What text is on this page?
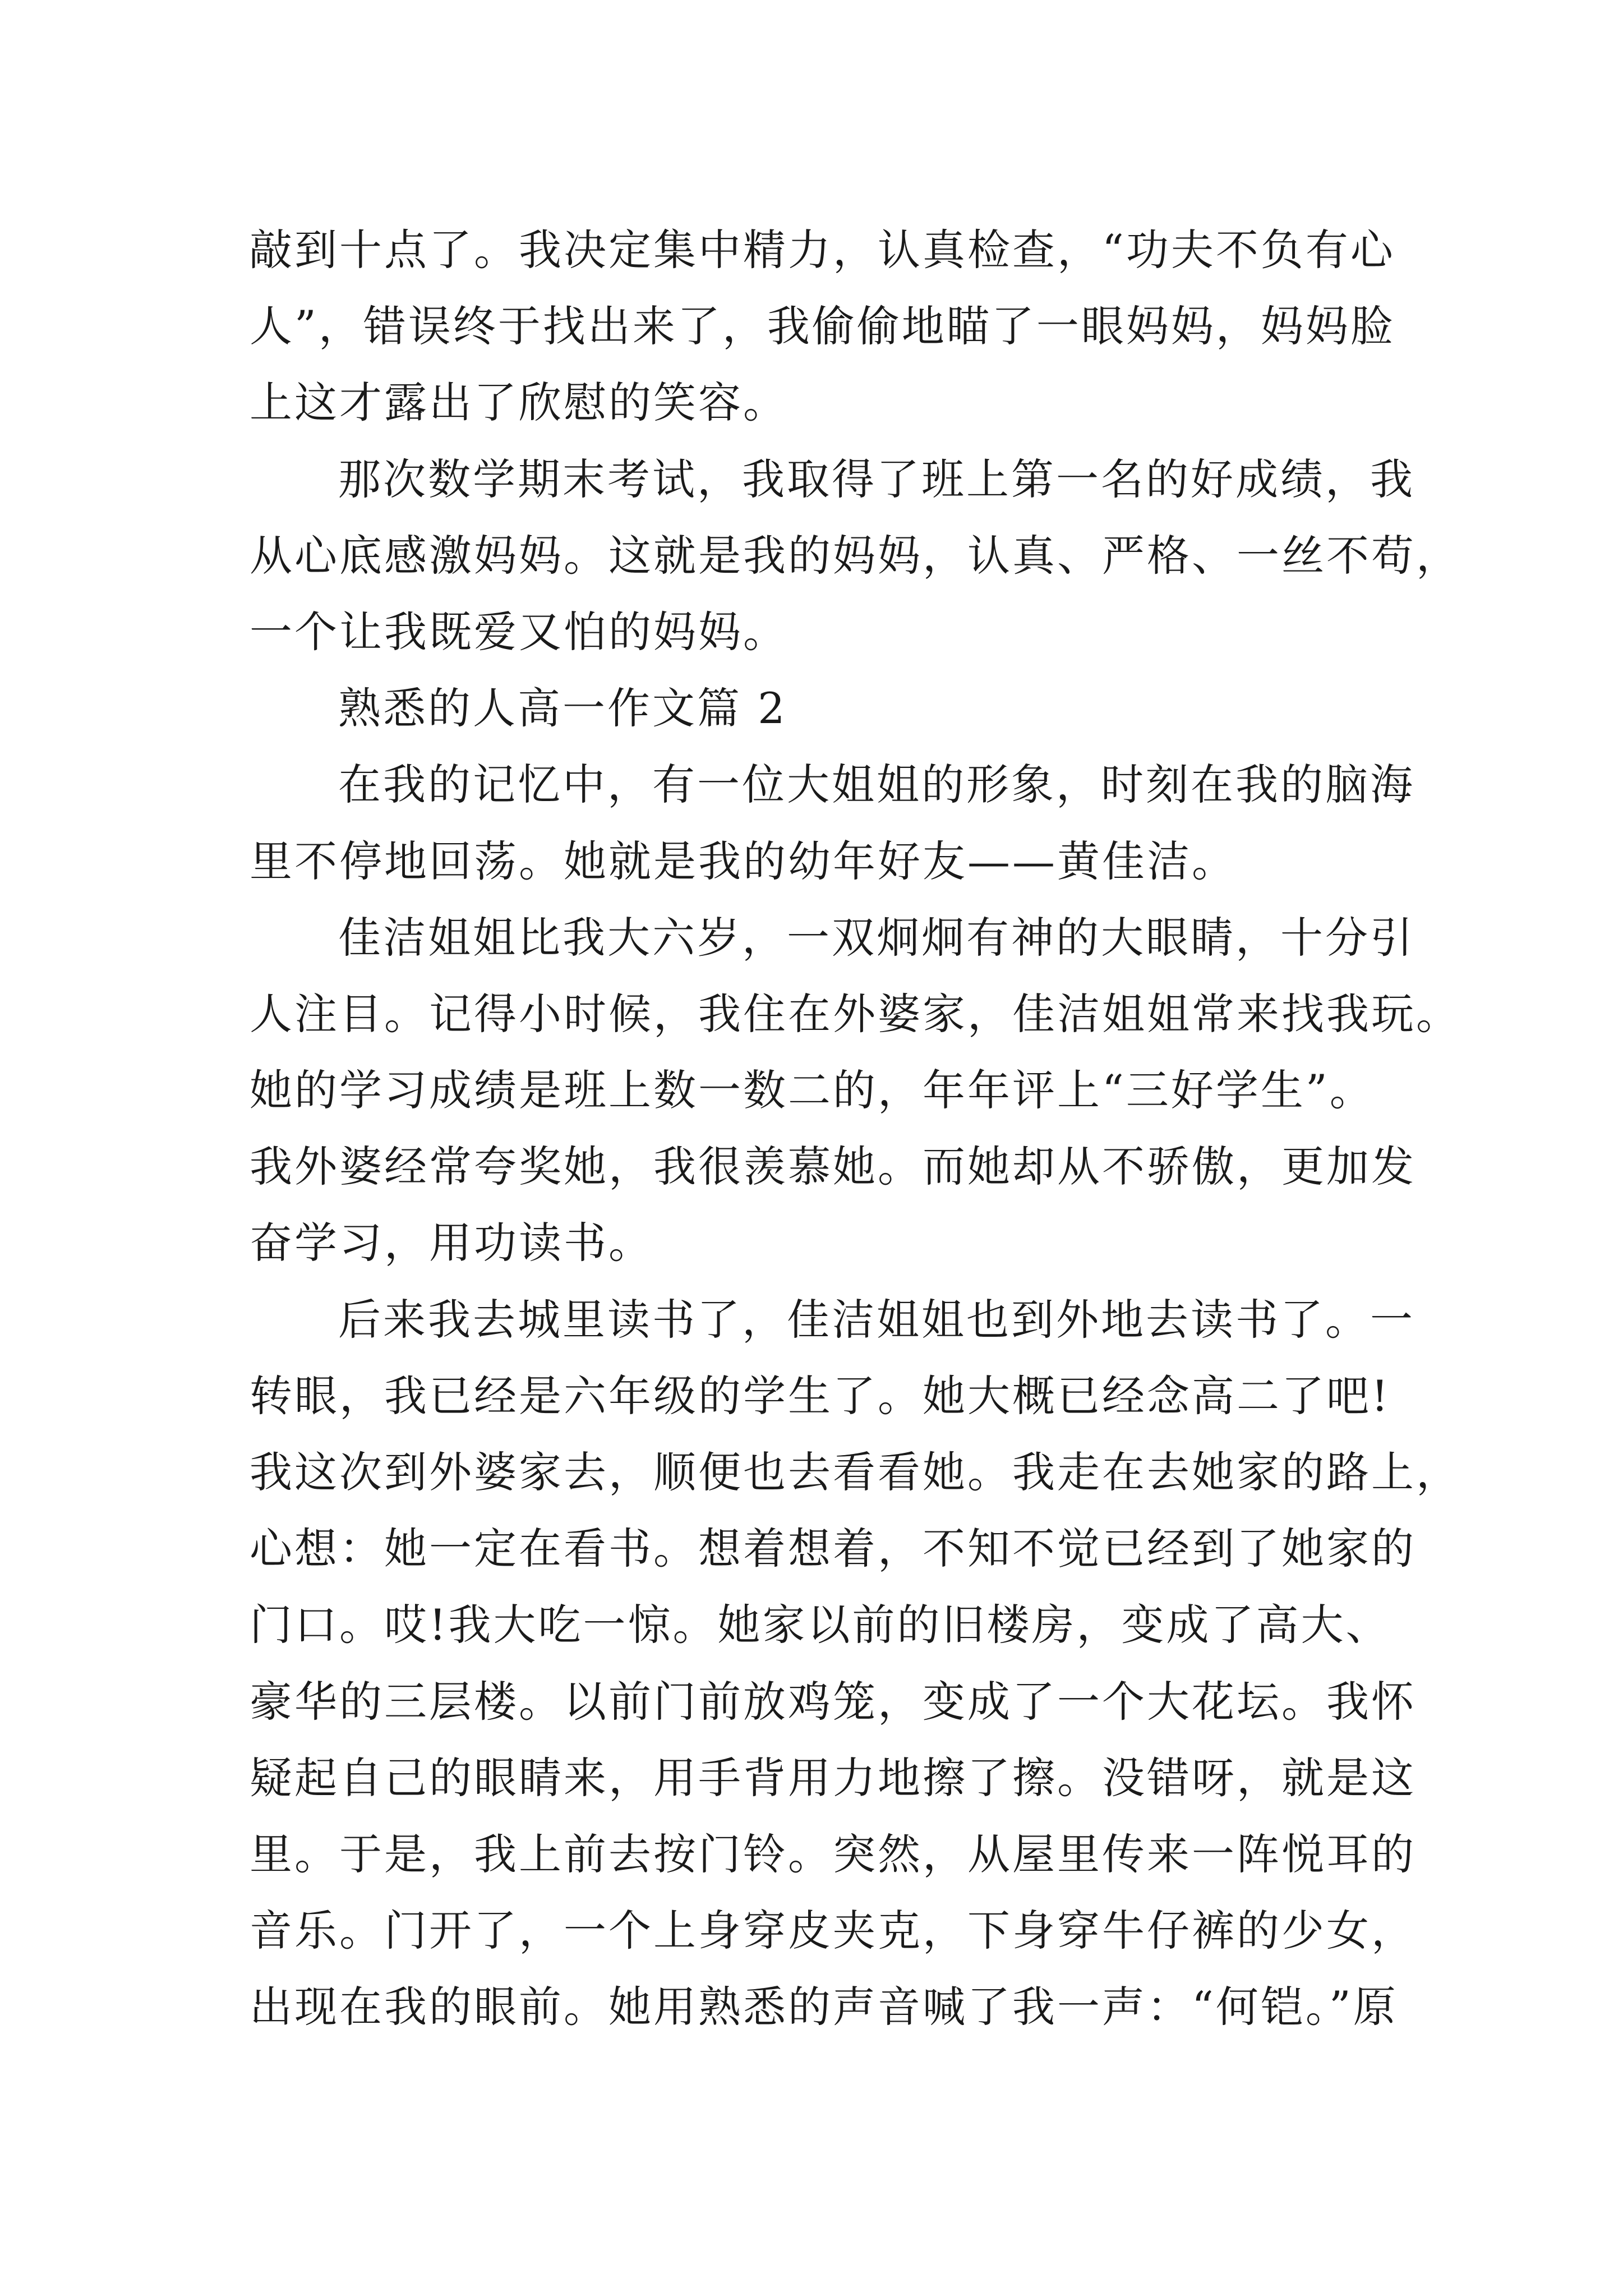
敲到十点了。我决定集中精力，认真检查，“功夫不负有心
人”，错误终于找出来了，我偷偷地瞄了一眼妈妈，妈妈脸
上这才露出了欣慰的笑容。
那次数学期末考试，我取得了班上第一名的好成绩，我
从心底感激妈妈。这就是我的妈妈，认真、严格、一丝不苟，
一个让我既爱又怕的妈妈。
熟悉的人高一作文篇 2
在我的记忆中，有一位大姐姐的形象，时刻在我的脑海
里不停地回荡。她就是我的幼年好友——黄佳洁。
佳洁姐姐比我大六岁，一双炯炯有神的大眼睛，十分引
人注目。记得小时候，我住在外婆家，佳洁姐姐常来找我玩。
她的学习成绩是班上数一数二的，年年评上“三好学生”。
我外婆经常夸奖她，我很羡慕她。而她却从不骄傲，更加发
奋学习，用功读书。
后来我去城里读书了，佳洁姐姐也到外地去读书了。一
转眼，我已经是六年级的学生了。她大概已经念高二了吧!
我这次到外婆家去，顺便也去看看她。我走在去她家的路上，
心想：她一定在看书。想着想着，不知不觉已经到了她家的
门口。哎!我大吃一惊。她家以前的旧楼房，变成了高大、
豪华的三层楼。以前门前放鸡笼，变成了一个大花坛。我怀
疑起自己的眼睛来，用手背用力地擦了擦。没错呀，就是这
里。于是，我上前去按门铃。突然，从屋里传来一阵悦耳的
音乐。门开了，一个上身穿皮夹克，下身穿牛仔裤的少女，
出现在我的眼前。她用熟悉的声音喊了我一声：“何铠。”原
